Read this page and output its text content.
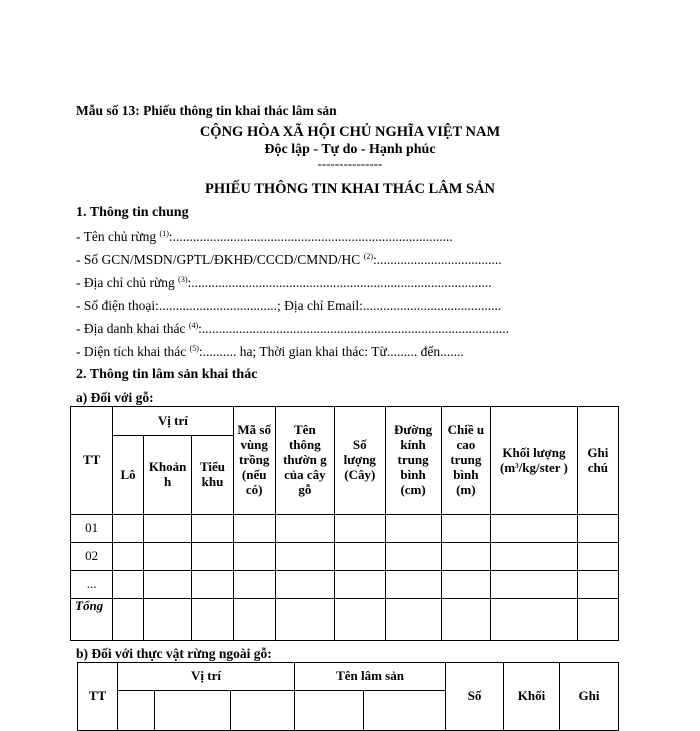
Mẫu số 13: Phiếu thông tin khai thác lâm sản
CỘNG HÒA XÃ HỘI CHỦ NGHĨA VIỆT NAM
Độc lập - Tự do - Hạnh phúc
---------------
PHIẾU THÔNG TIN KHAI THÁC LÂM SẢN
1. Thông tin chung
- Tên chủ rừng $^{(1)}$:...................................................................................
- Số GCN/MSDN/GPTL/ĐKHĐ/CCCD/CMND/HC $^{(2)}$:.....................................
- Địa chỉ chủ rừng $^{(3)}$:.........................................................................................
- Số điện thoại:...................................; Địa chỉ Email:.........................................
- Địa danh khai thác $^{(4)}$:...........................................................................................
- Diện tích khai thác $^{(5)}$:.......... ha; Thời gian khai thác: Từ......... đến.......
2. Thông tin lâm sản khai thác
a) Đối với gỗ:
TT	Vị trí			Mã số vùng trồng (nếu có)	Tên thông thườn g của cây gỗ	Số lượng (Cây)	Đường kính trung bình (cm)	Chiề u cao trung bình (m)	Khối lượng ($m^3/kg$/ster )	Ghi chú
	Lô	Khoản h	Tiểu khu							
01										
02										
...										
Tổng										
b) Đối với thực vật rừng ngoài gỗ:
TT	Vị trí			Tên lâm sản		Số	Khối	Ghi
